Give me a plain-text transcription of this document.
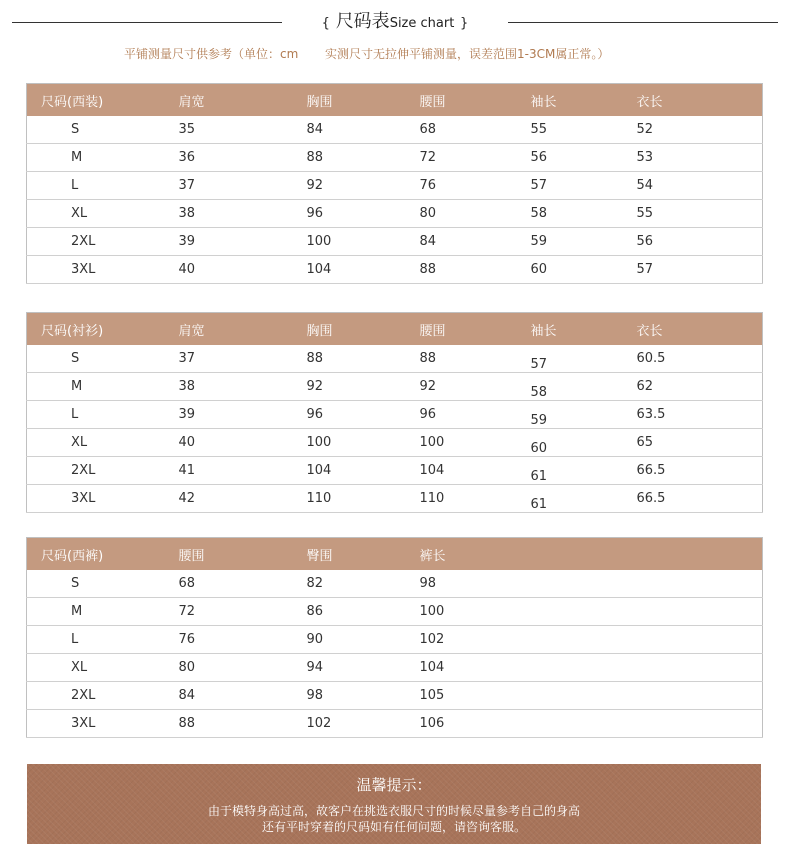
{ 尺码表Size chart }
平铺测量尺寸供参考（单位：cm 实测尺寸无拉伸平铺测量，误差范围1-3CM属正常。）
尺码(西装)	肩宽	胸围	腰围	袖长	衣长
S	35	84	68	55	52
M	36	88	72	56	53
L	37	92	76	57	54
XL	38	96	80	58	55
2XL	39	100	84	59	56
3XL	40	104	88	60	57
尺码(衬衫)	肩宽	胸围	腰围	袖长	衣长
S	37	88	88	57	60.5
M	38	92	92	58	62
L	39	96	96	59	63.5
XL	40	100	100	60	65
2XL	41	104	104	61	66.5
3XL	42	110	110	61	66.5
尺码(西裤)	腰围	臀围	裤长
S	68	82	98
M	72	86	100
L	76	90	102
XL	80	94	104
2XL	84	98	105
3XL	88	102	106
温馨提示：
由于模特身高过高，故客户在挑选衣服尺寸的时候尽量参考自己的身高
还有平时穿着的尺码如有任何问题，请咨询客服。
